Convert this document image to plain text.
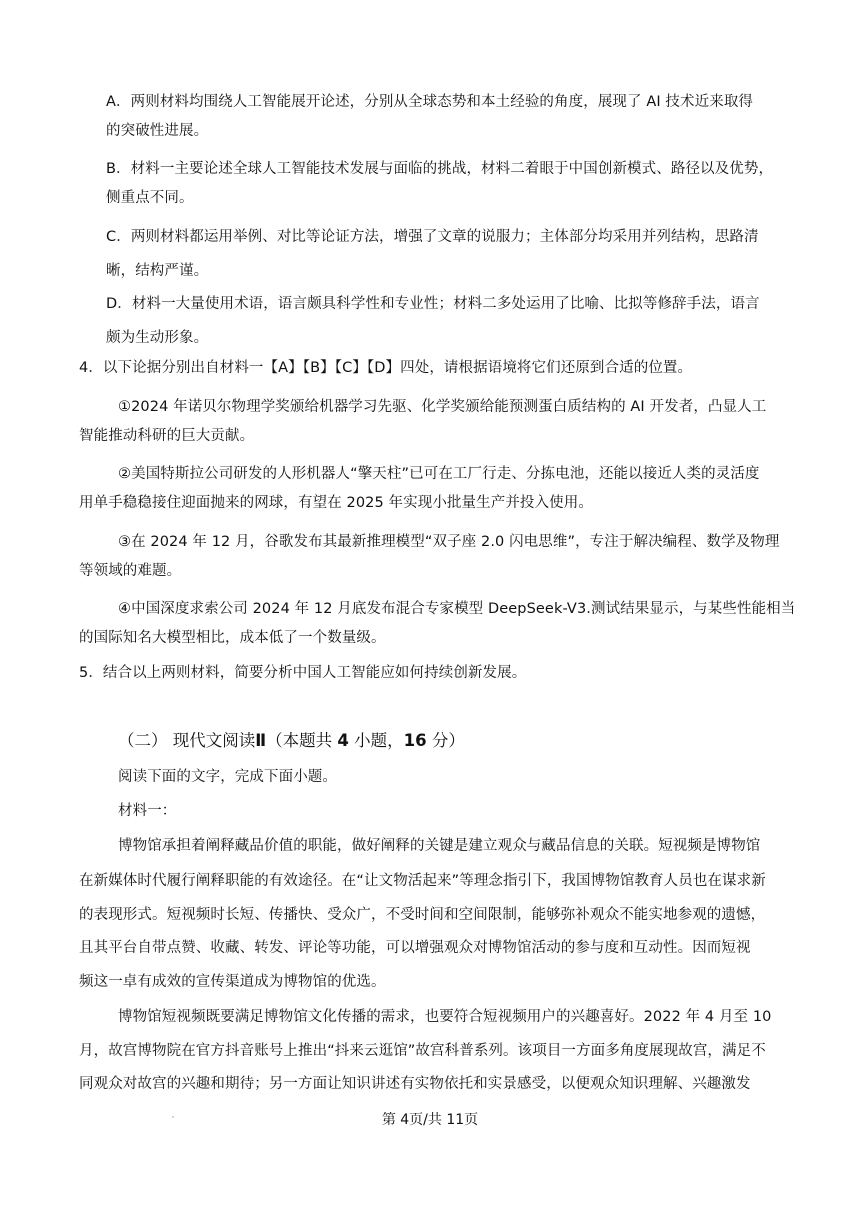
A．两则材料均围绕人工智能展开论述，分别从全球态势和本土经验的角度，展现了 AI 技术近来取得
的突破性进展。
B．材料一主要论述全球人工智能技术发展与面临的挑战，材料二着眼于中国创新模式、路径以及优势，
侧重点不同。
C．两则材料都运用举例、对比等论证方法，增强了文章的说服力；主体部分均采用并列结构，思路清
晰，结构严谨。
D．材料一大量使用术语，语言颇具科学性和专业性；材料二多处运用了比喻、比拟等修辞手法，语言
颇为生动形象。
4．以下论据分别出自材料一【A】【B】【C】【D】四处，请根据语境将它们还原到合适的位置。
①2024 年诺贝尔物理学奖颁给机器学习先驱、化学奖颁给能预测蛋白质结构的 AI 开发者，凸显人工
智能推动科研的巨大贡献。
②美国特斯拉公司研发的人形机器人“擎天柱”已可在工厂行走、分拣电池，还能以接近人类的灵活度
用单手稳稳接住迎面抛来的网球，有望在 2025 年实现小批量生产并投入使用。
③在 2024 年 12 月，谷歌发布其最新推理模型“双子座 2.0 闪电思维”，专注于解决编程、数学及物理
等领域的难题。
④中国深度求索公司 2024 年 12 月底发布混合专家模型 DeepSeek-V3.测试结果显示，与某些性能相当
的国际知名大模型相比，成本低了一个数量级。
5．结合以上两则材料，简要分析中国人工智能应如何持续创新发展。
（二） 现代文阅读Ⅱ（本题共 4 小题，16 分）
阅读下面的文字，完成下面小题。
材料一：
博物馆承担着阐释藏品价值的职能，做好阐释的关键是建立观众与藏品信息的关联。短视频是博物馆
在新媒体时代履行阐释职能的有效途径。在“让文物活起来”等理念指引下，我国博物馆教育人员也在谋求新
的表现形式。短视频时长短、传播快、受众广，不受时间和空间限制，能够弥补观众不能实地参观的遗憾，
且其平台自带点赞、收藏、转发、评论等功能，可以增强观众对博物馆活动的参与度和互动性。因而短视
频这一卓有成效的宣传渠道成为博物馆的优选。
博物馆短视频既要满足博物馆文化传播的需求，也要符合短视频用户的兴趣喜好。2022 年 4 月至 10
月，故宫博物院在官方抖音账号上推出“抖来云逛馆”故宫科普系列。该项目一方面多角度展现故宫，满足不
同观众对故宫的兴趣和期待；另一方面让知识讲述有实物依托和实景感受，以便观众知识理解、兴趣激发
'	第 4页/共 11页
